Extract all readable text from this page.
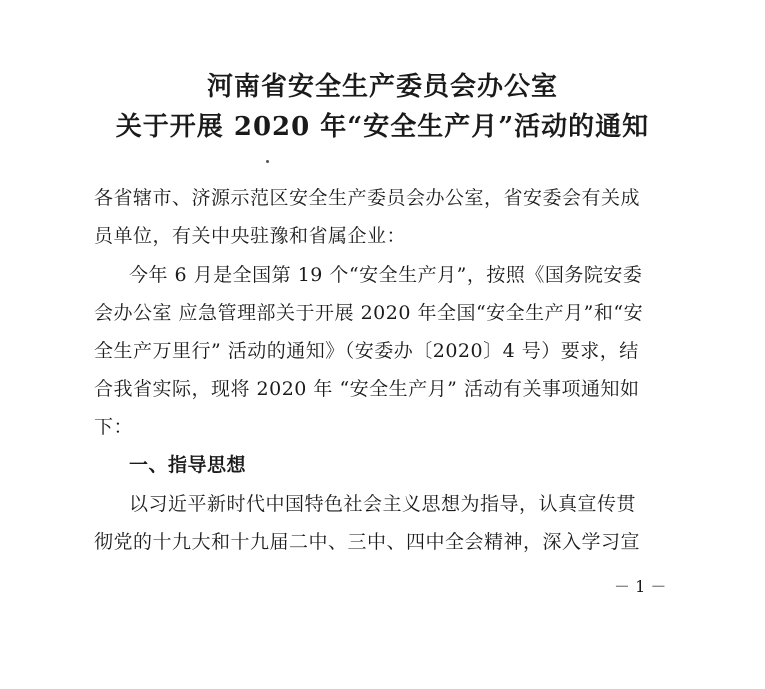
河南省安全生产委员会办公室
关于开展 2020 年“安全生产月”活动的通知
各省辖市、济源示范区安全生产委员会办公室，省安委会有关成
员单位，有关中央驻豫和省属企业：
今年 6 月是全国第 19 个“安全生产月”，按照《国务院安委
会办公室 应急管理部关于开展 2020 年全国“安全生产月”和“安
全生产万里行” 活动的通知》（安委办〔2020〕4 号）要求，结
合我省实际，现将 2020 年 “安全生产月” 活动有关事项通知如
下：
一、指导思想
以习近平新时代中国特色社会主义思想为指导，认真宣传贯
彻党的十九大和十九届二中、三中、四中全会精神，深入学习宣
－ 1 －
